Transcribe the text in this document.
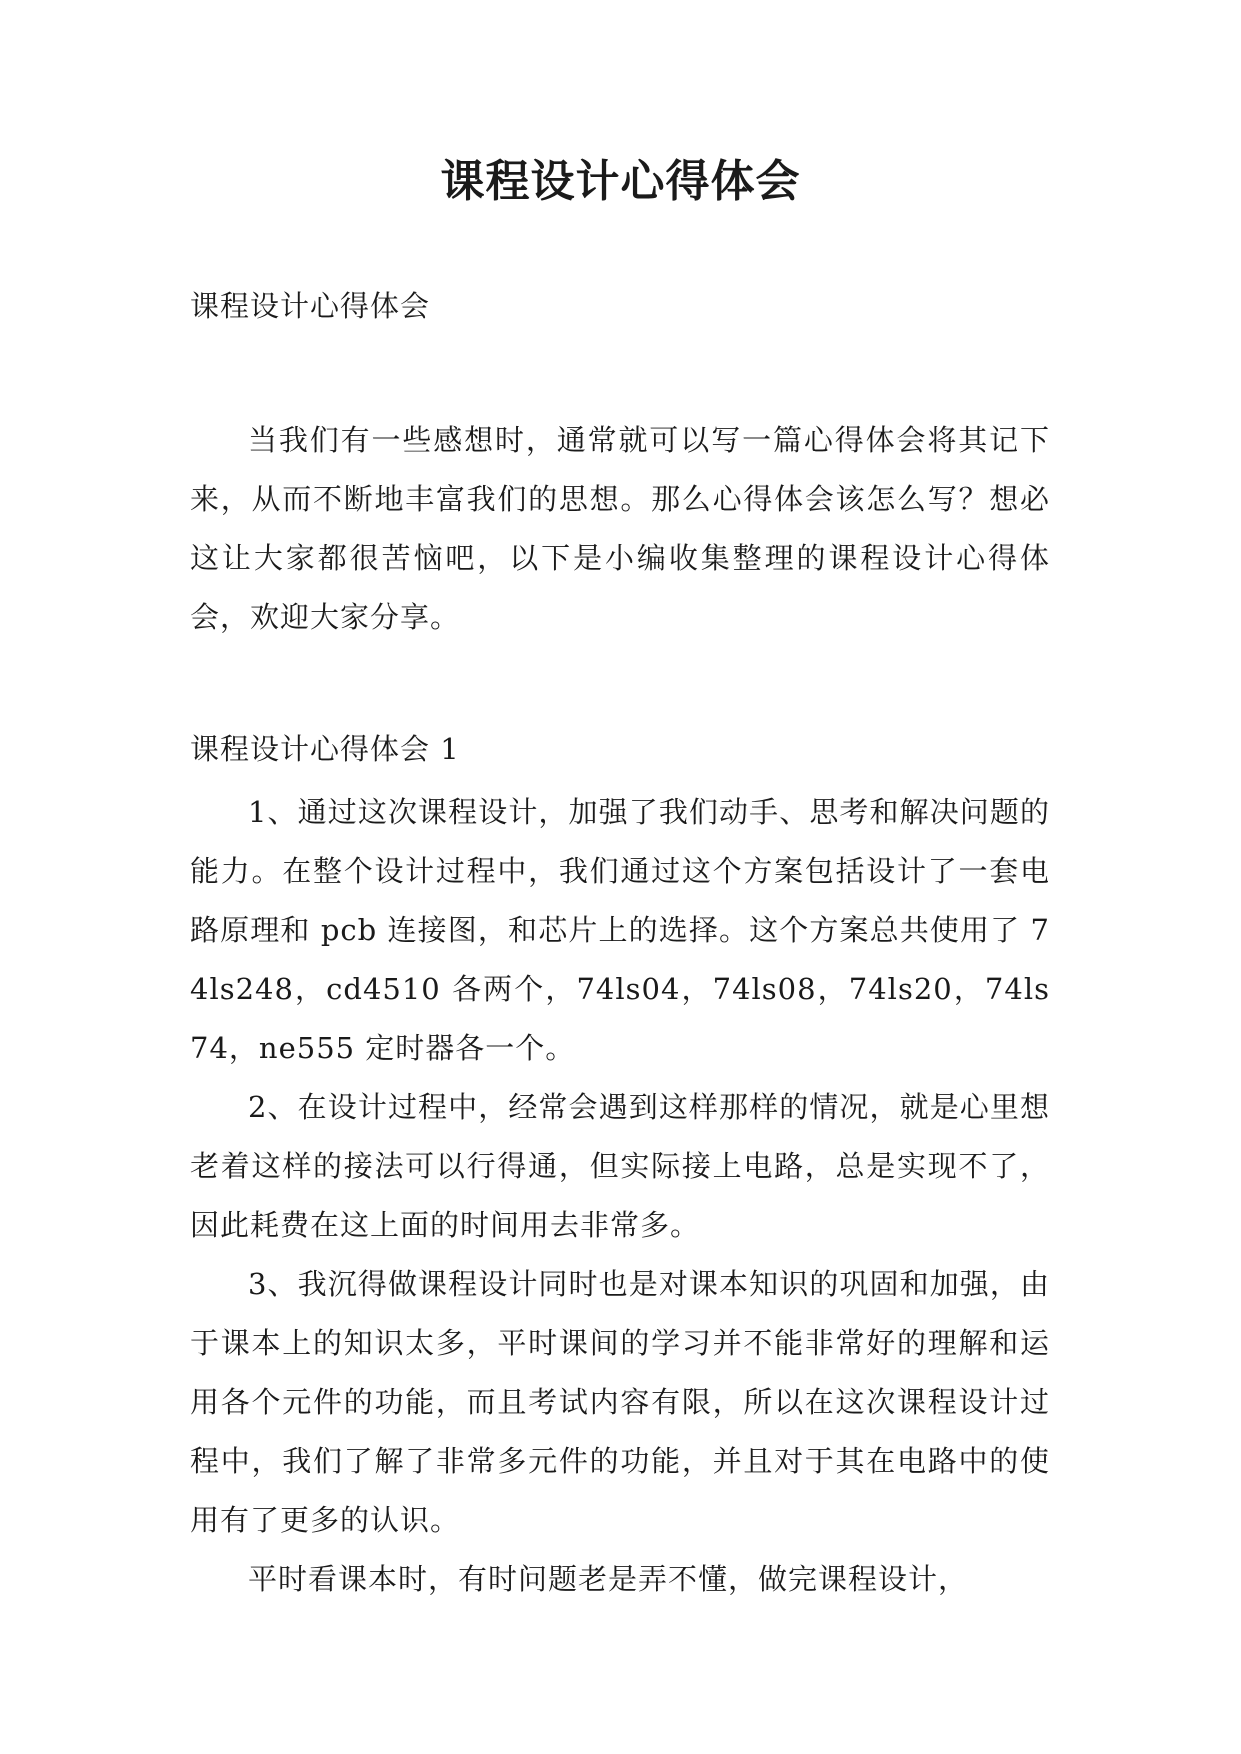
课程设计心得体会

课程设计心得体会

当我们有一些感想时，通常就可以写一篇心得体会将其记下来，从而不断地丰富我们的思想。那么心得体会该怎么写？想必这让大家都很苦恼吧，以下是小编收集整理的课程设计心得体会，欢迎大家分享。

课程设计心得体会 1

1、通过这次课程设计，加强了我们动手、思考和解决问题的能力。在整个设计过程中，我们通过这个方案包括设计了一套电路原理和 pcb 连接图，和芯片上的选择。这个方案总共使用了 74ls248，cd4510 各两个，74ls04，74ls08，74ls20，74ls74，ne555 定时器各一个。

2、在设计过程中，经常会遇到这样那样的情况，就是心里想老着这样的接法可以行得通，但实际接上电路，总是实现不了，因此耗费在这上面的时间用去非常多。

3、我沉得做课程设计同时也是对课本知识的巩固和加强，由于课本上的知识太多，平时课间的学习并不能非常好的理解和运用各个元件的功能，而且考试内容有限，所以在这次课程设计过程中，我们了解了非常多元件的功能，并且对于其在电路中的使用有了更多的认识。

平时看课本时，有时问题老是弄不懂，做完课程设计，
